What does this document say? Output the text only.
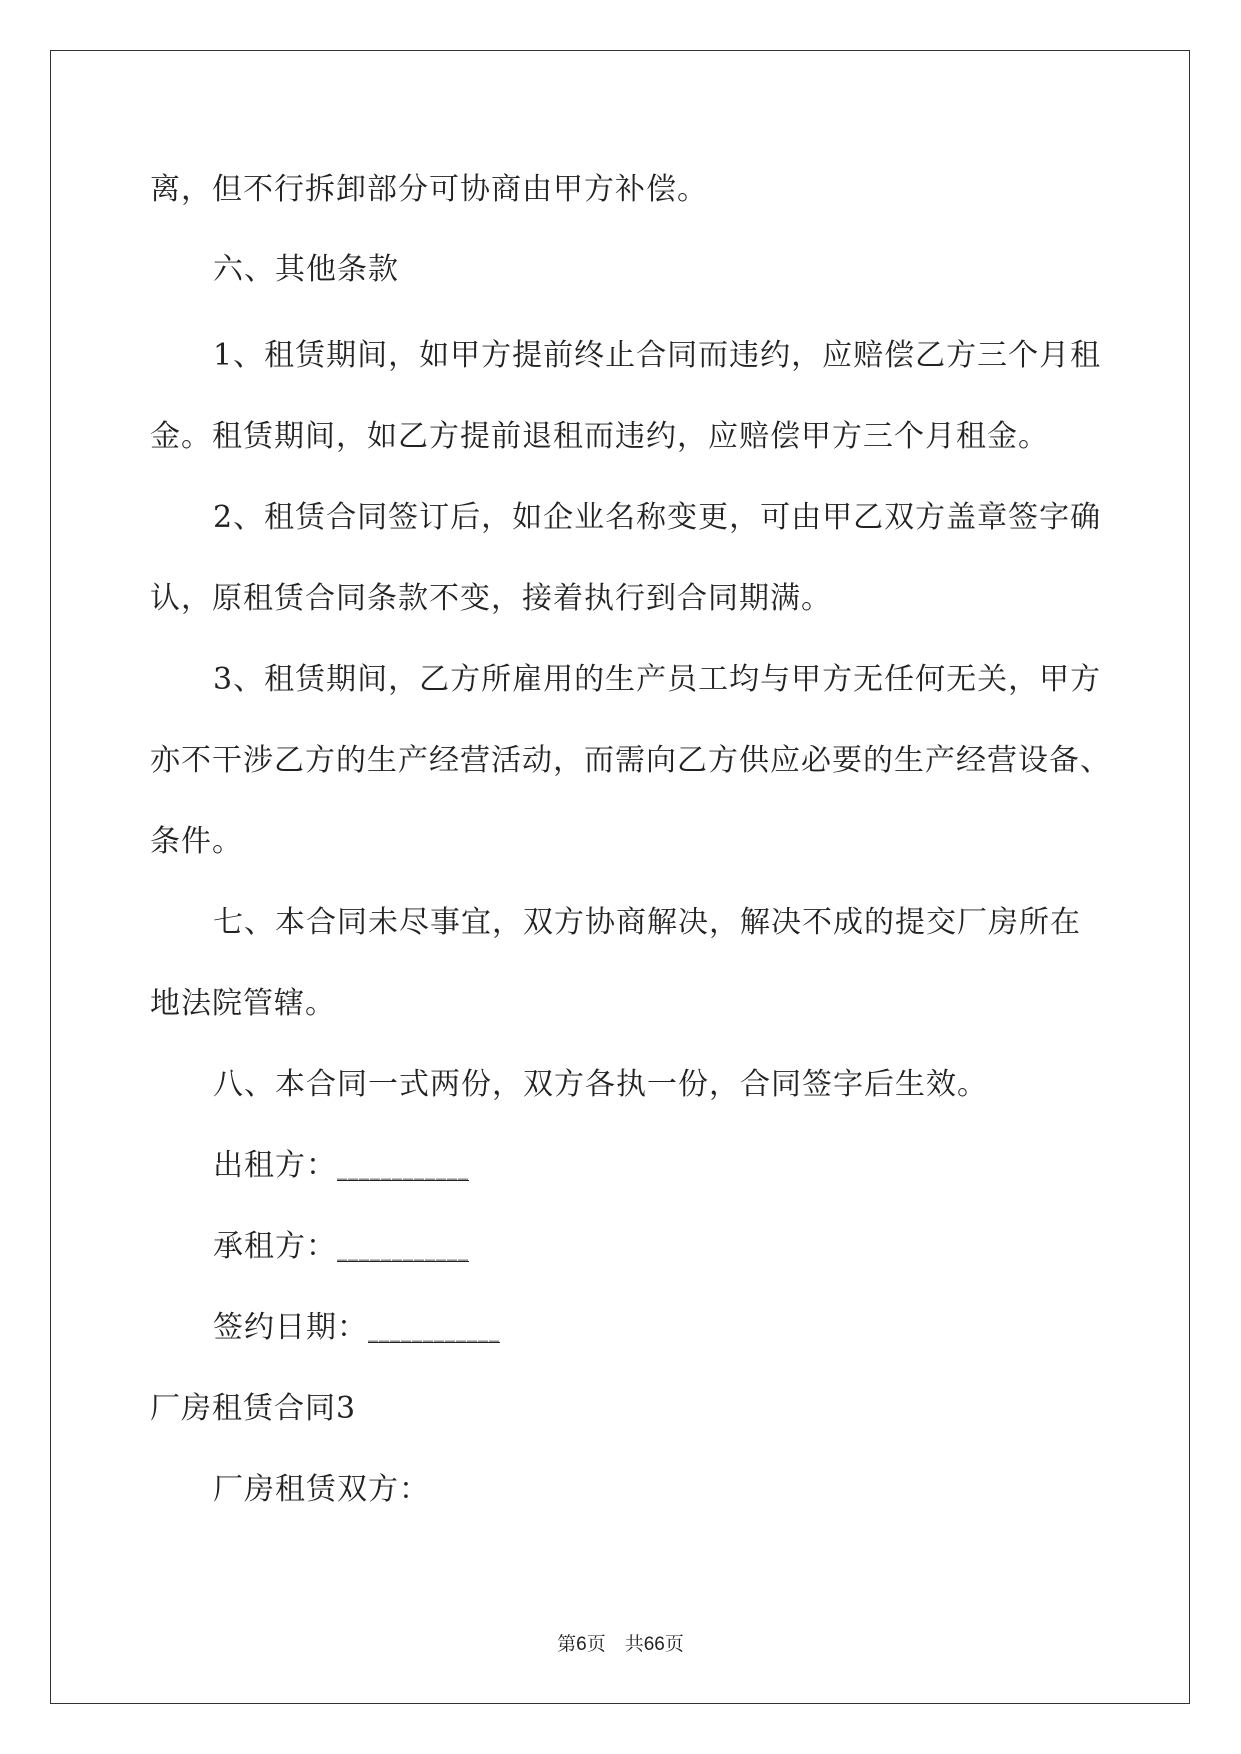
离，但不行拆卸部分可协商由甲方补偿。

六、其他条款

1、租赁期间，如甲方提前终止合同而违约，应赔偿乙方三个月租

金。租赁期间，如乙方提前退租而违约，应赔偿甲方三个月租金。

2、租赁合同签订后，如企业名称变更，可由甲乙双方盖章签字确

认，原租赁合同条款不变，接着执行到合同期满。

3、租赁期间，乙方所雇用的生产员工均与甲方无任何无关，甲方

亦不干涉乙方的生产经营活动，而需向乙方供应必要的生产经营设备、

条件。

七、本合同未尽事宜，双方协商解决，解决不成的提交厂房所在

地法院管辖。

八、本合同一式两份，双方各执一份，合同签字后生效。

出租方：____________

承租方：____________

签约日期：____________

厂房租赁合同3

厂房租赁双方：

第6页　共66页
